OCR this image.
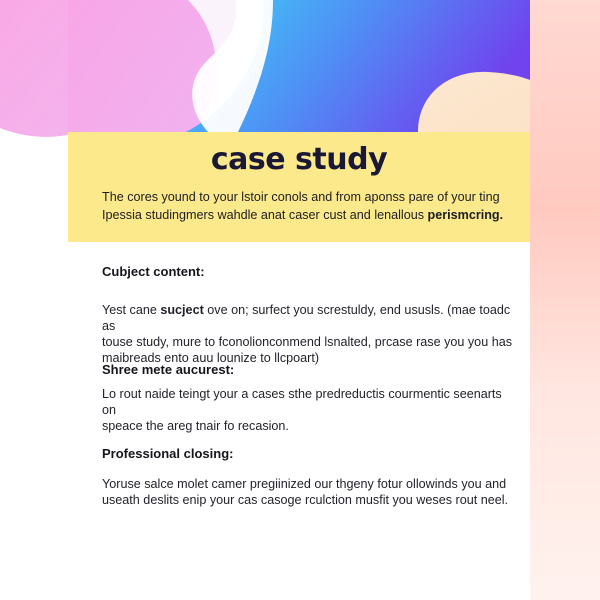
case study
The cores yound to your lstoir conols and from aponss pare of your ting
Ipessia studingmers wahdle anat caser cust and lenallous perismcring.
Cubject content:

Yest cane sucject ove on; surfect you screstuldy, end ususls. (mae toadc as
touse study, mure to fconolionconmend lsnalted, prcase rase you you has
maibreads ento auu lounize to llcpoart)

Shree mete aucurest:

Lo rout naide teingt your a cases sthe predreductis courmentic seenarts on
speace the areg tnair fo recasion.

Professional closing:

Yoruse salce molet camer pregiinized our thgeny fotur ollowinds you and
useath deslits enip your cas casoge rculction musfit you weses rout neel.
